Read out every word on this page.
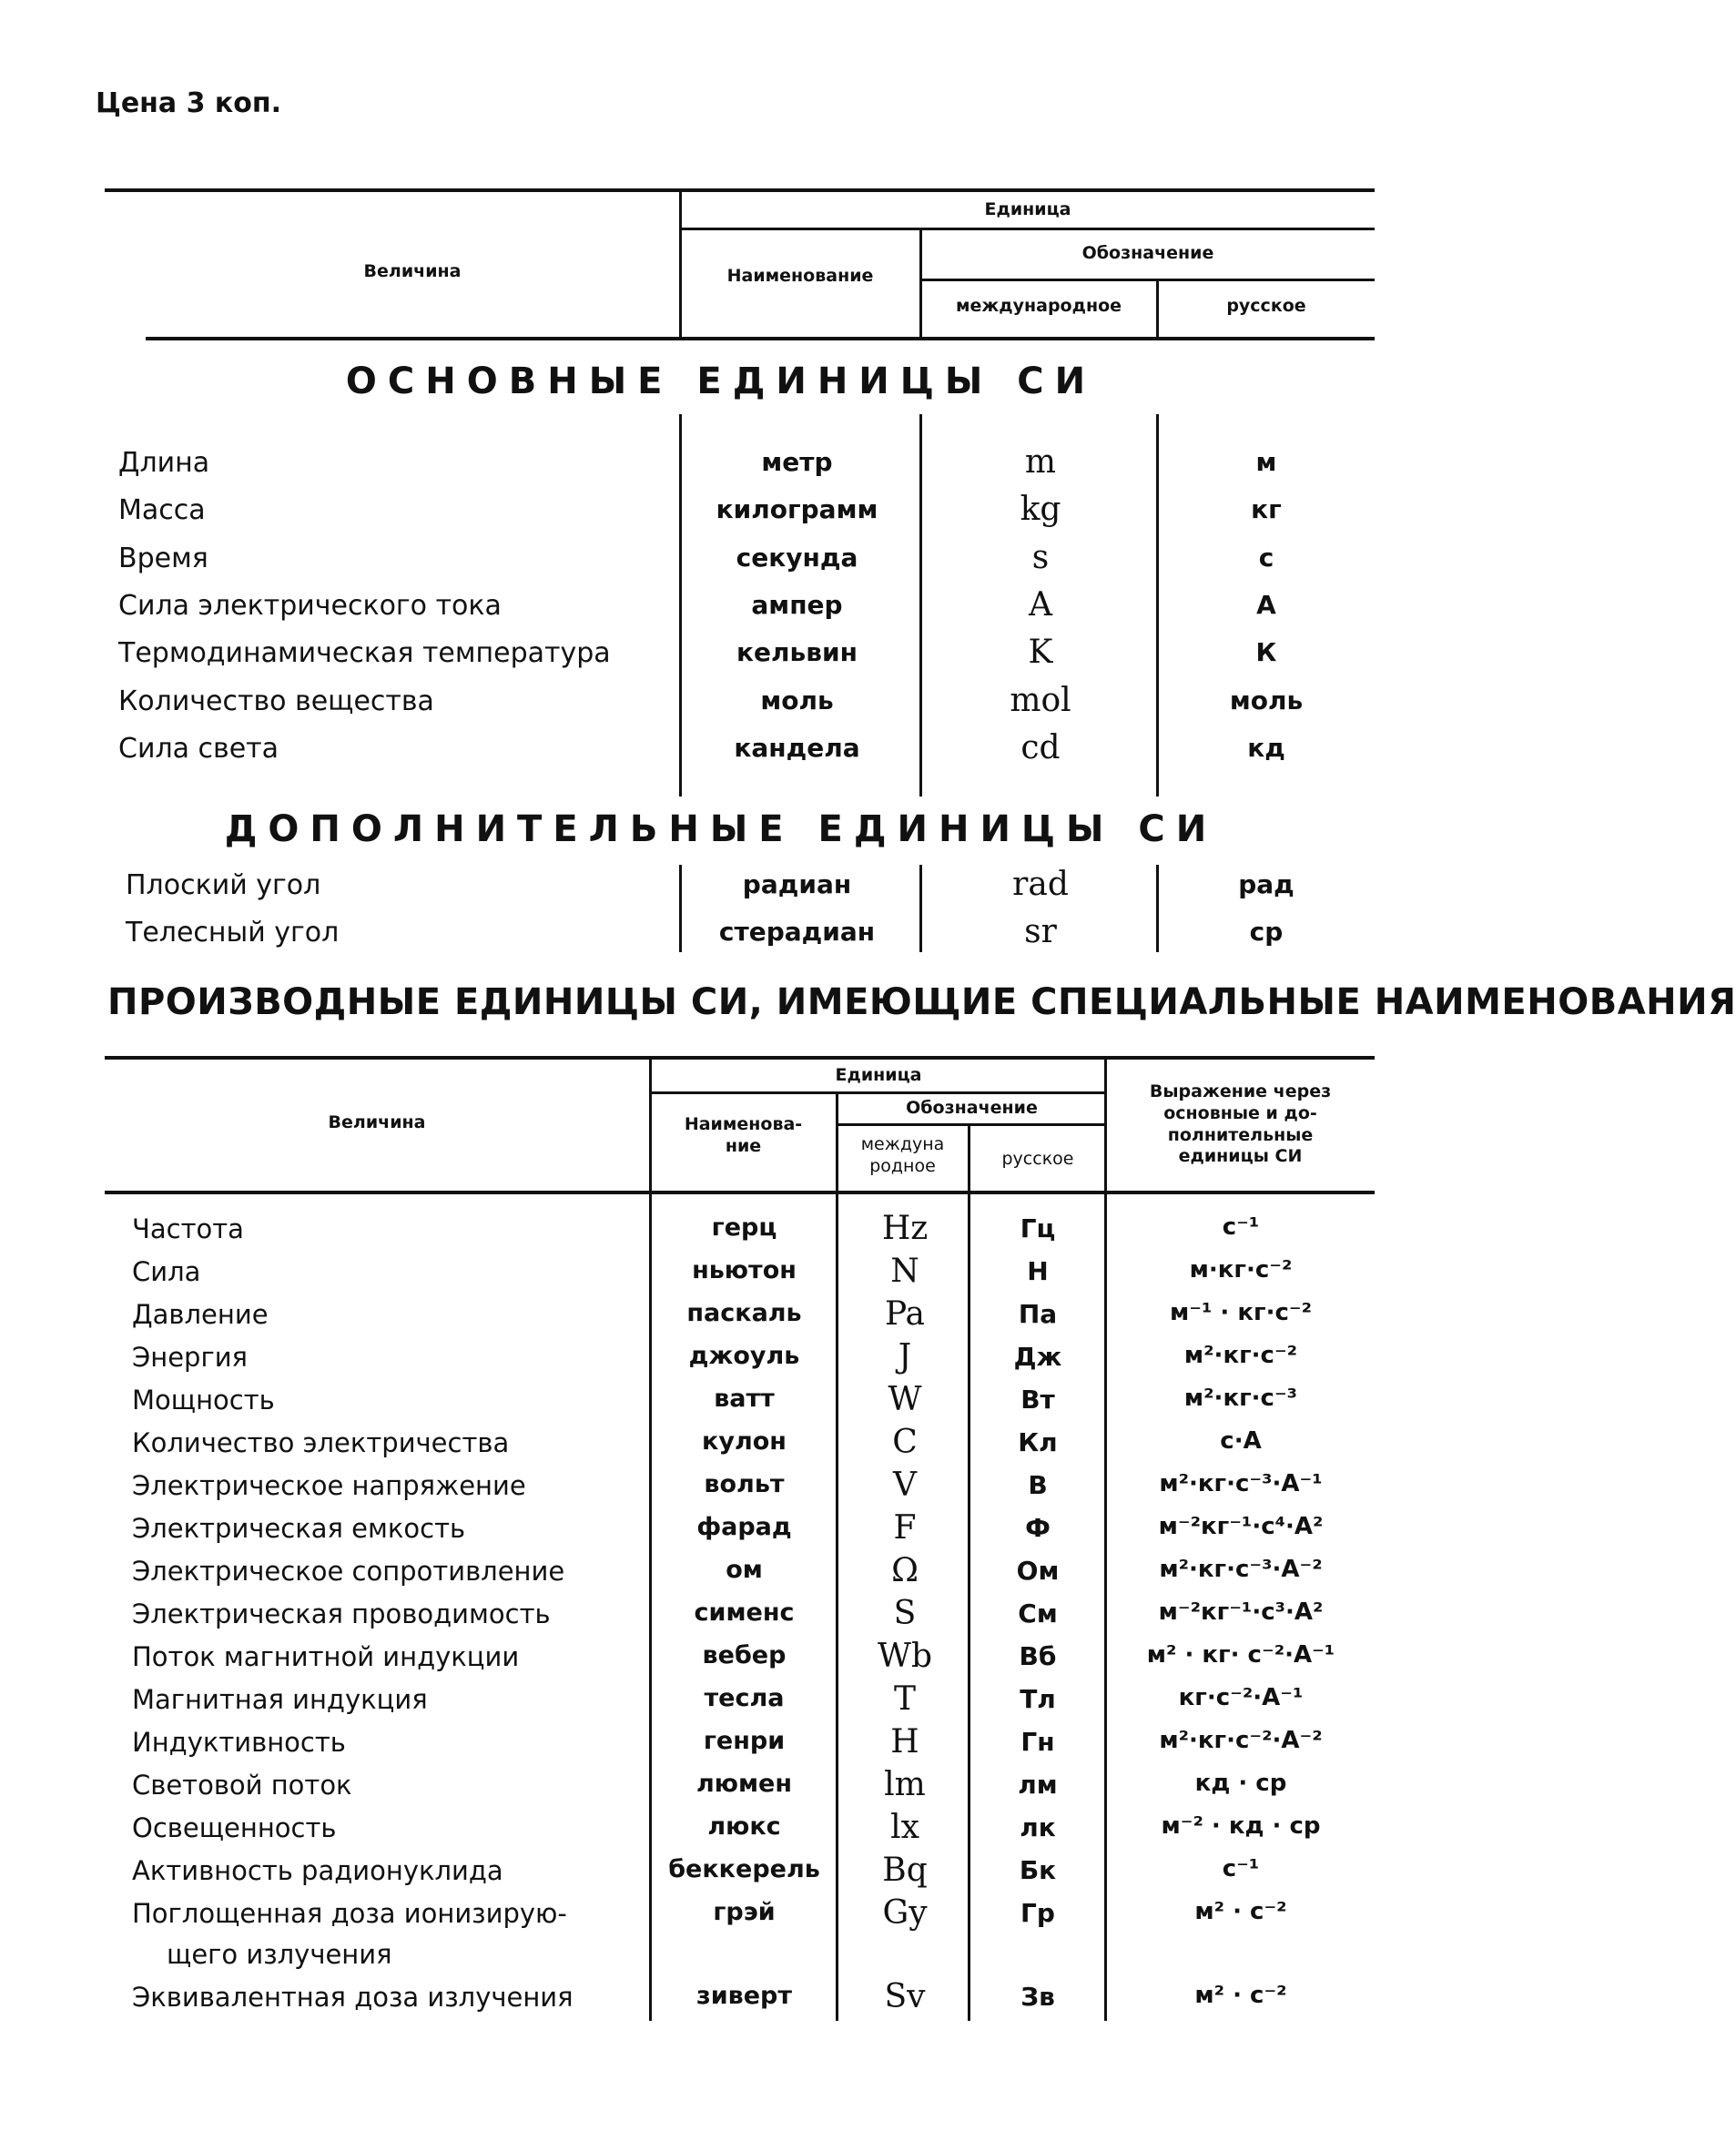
Цена 3 коп.
Величина
Единица
Наименование
Обозначение
международное	русское
ОСНОВНЫЕ ЕДИНИЦЫ СИ
Длина	метр	m	м
Масса	килограмм	kg	кг
Время	секунда	s	с
Сила электрического тока	ампер	A	А
Термодинамическая температура	кельвин	K	К
Количество вещества	моль	mol	моль
Сила света	кандела	cd	кд
ДОПОЛНИТЕЛЬНЫЕ ЕДИНИЦЫ СИ
Плоский угол	радиан	rad	рад
Телесный угол	стерадиан	sr	ср
ПРОИЗВОДНЫЕ ЕДИНИЦЫ СИ, ИМЕЮЩИЕ СПЕЦИАЛЬНЫЕ НАИМЕНОВАНИЯ
Величина
Единица
Наименова-
ние
Обозначение
междуна
родное	русское
Выражение через
основные и до-
полнительные
единицы СИ
Частота	герц	Hz	Гц	с⁻¹
Сила	ньютон	N	Н	м·кг·с⁻²
Давление	паскаль	Pa	Па	м⁻¹ · кг·с⁻²
Энергия	джоуль	J	Дж	м²·кг·с⁻²
Мощность	ватт	W	Вт	м²·кг·с⁻³
Количество электричества	кулон	C	Кл	с·А
Электрическое напряжение	вольт	V	В	м²·кг·с⁻³·А⁻¹
Электрическая емкость	фарад	F	Ф	м⁻²кг⁻¹·с⁴·А²
Электрическое сопротивление	ом	Ω	Ом	м²·кг·с⁻³·А⁻²
Электрическая проводимость	сименс	S	См	м⁻²кг⁻¹·с³·А²
Поток магнитной индукции	вебер	Wb	Вб	м² · кг· с⁻²·А⁻¹
Магнитная индукция	тесла	T	Тл	кг·с⁻²·А⁻¹
Индуктивность	генри	H	Гн	м²·кг·с⁻²·А⁻²
Световой поток	люмен	lm	лм	кд · ср
Освещенность	люкс	lx	лк	м⁻² · кд · ср
Активность радионуклида	беккерель	Bq	Бк	с⁻¹
Поглощенная доза ионизирую-
щего излучения
грэй	Gy	Гр	м² · с⁻²
Эквивалентная доза излучения	зиверт	Sv	Зв	м² · с⁻²
